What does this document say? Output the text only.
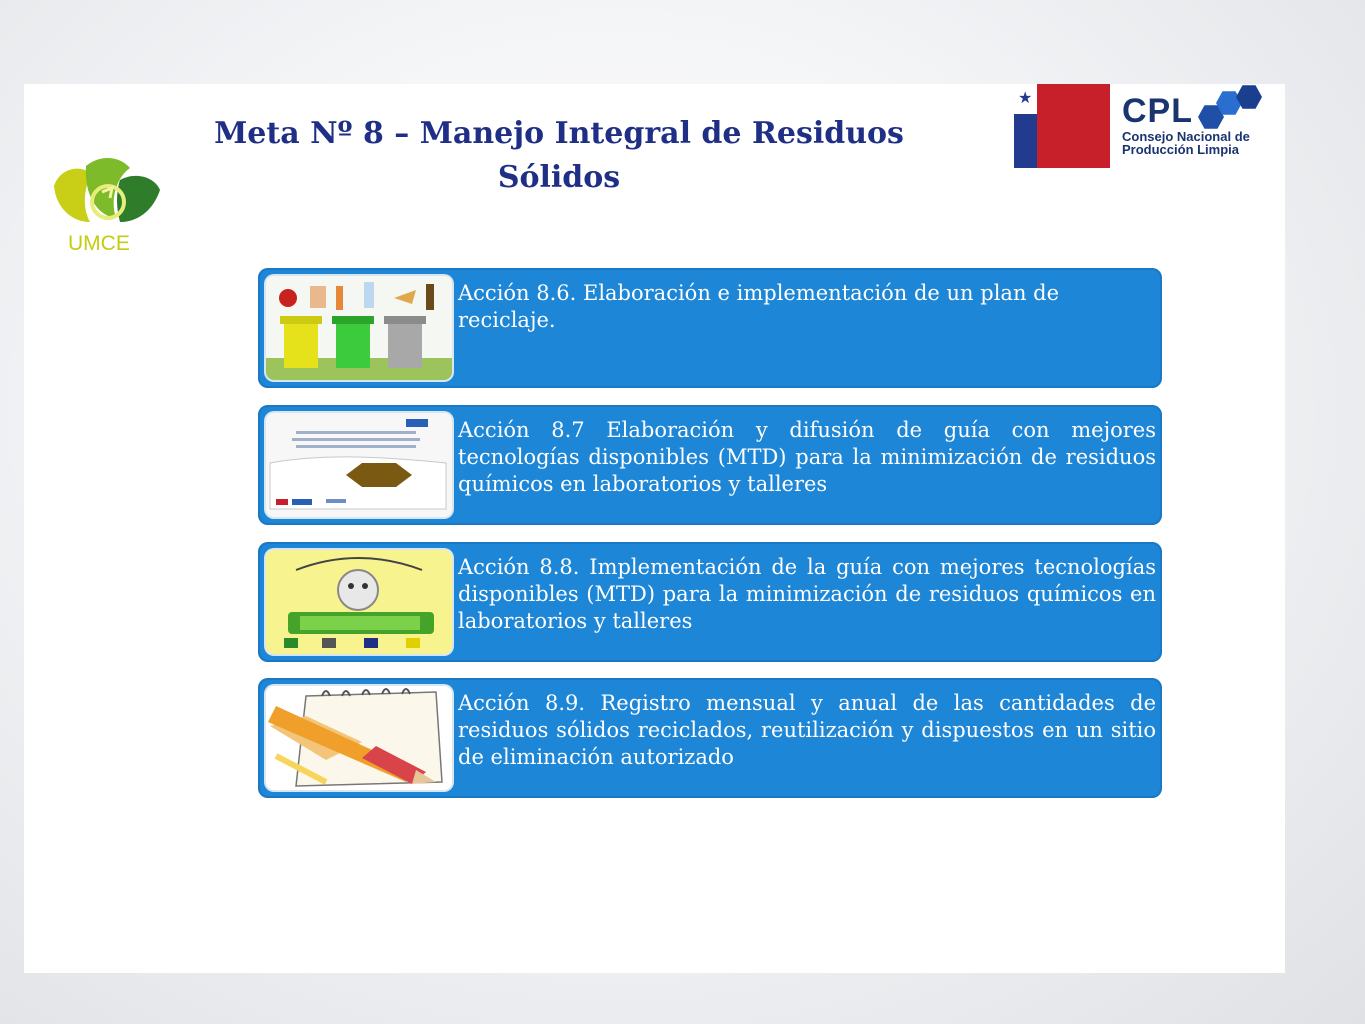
Meta Nº 8 – Manejo Integral de Residuos
Sólidos
UMCE
★	CPL
Consejo Nacional de
Producción Limpia
Acción 8.6. Elaboración e implementación de un plan de reciclaje.
Acción 8.7 Elaboración y difusión de guía con mejores tecnologías disponibles (MTD) para la minimización de residuos químicos en laboratorios y talleres
Acción 8.8. Implementación de la guía con mejores tecnologías disponibles (MTD) para la minimización de residuos químicos en laboratorios y talleres
Acción 8.9. Registro mensual y anual de las cantidades de residuos sólidos reciclados, reutilización y dispuestos en un sitio de eliminación autorizado
